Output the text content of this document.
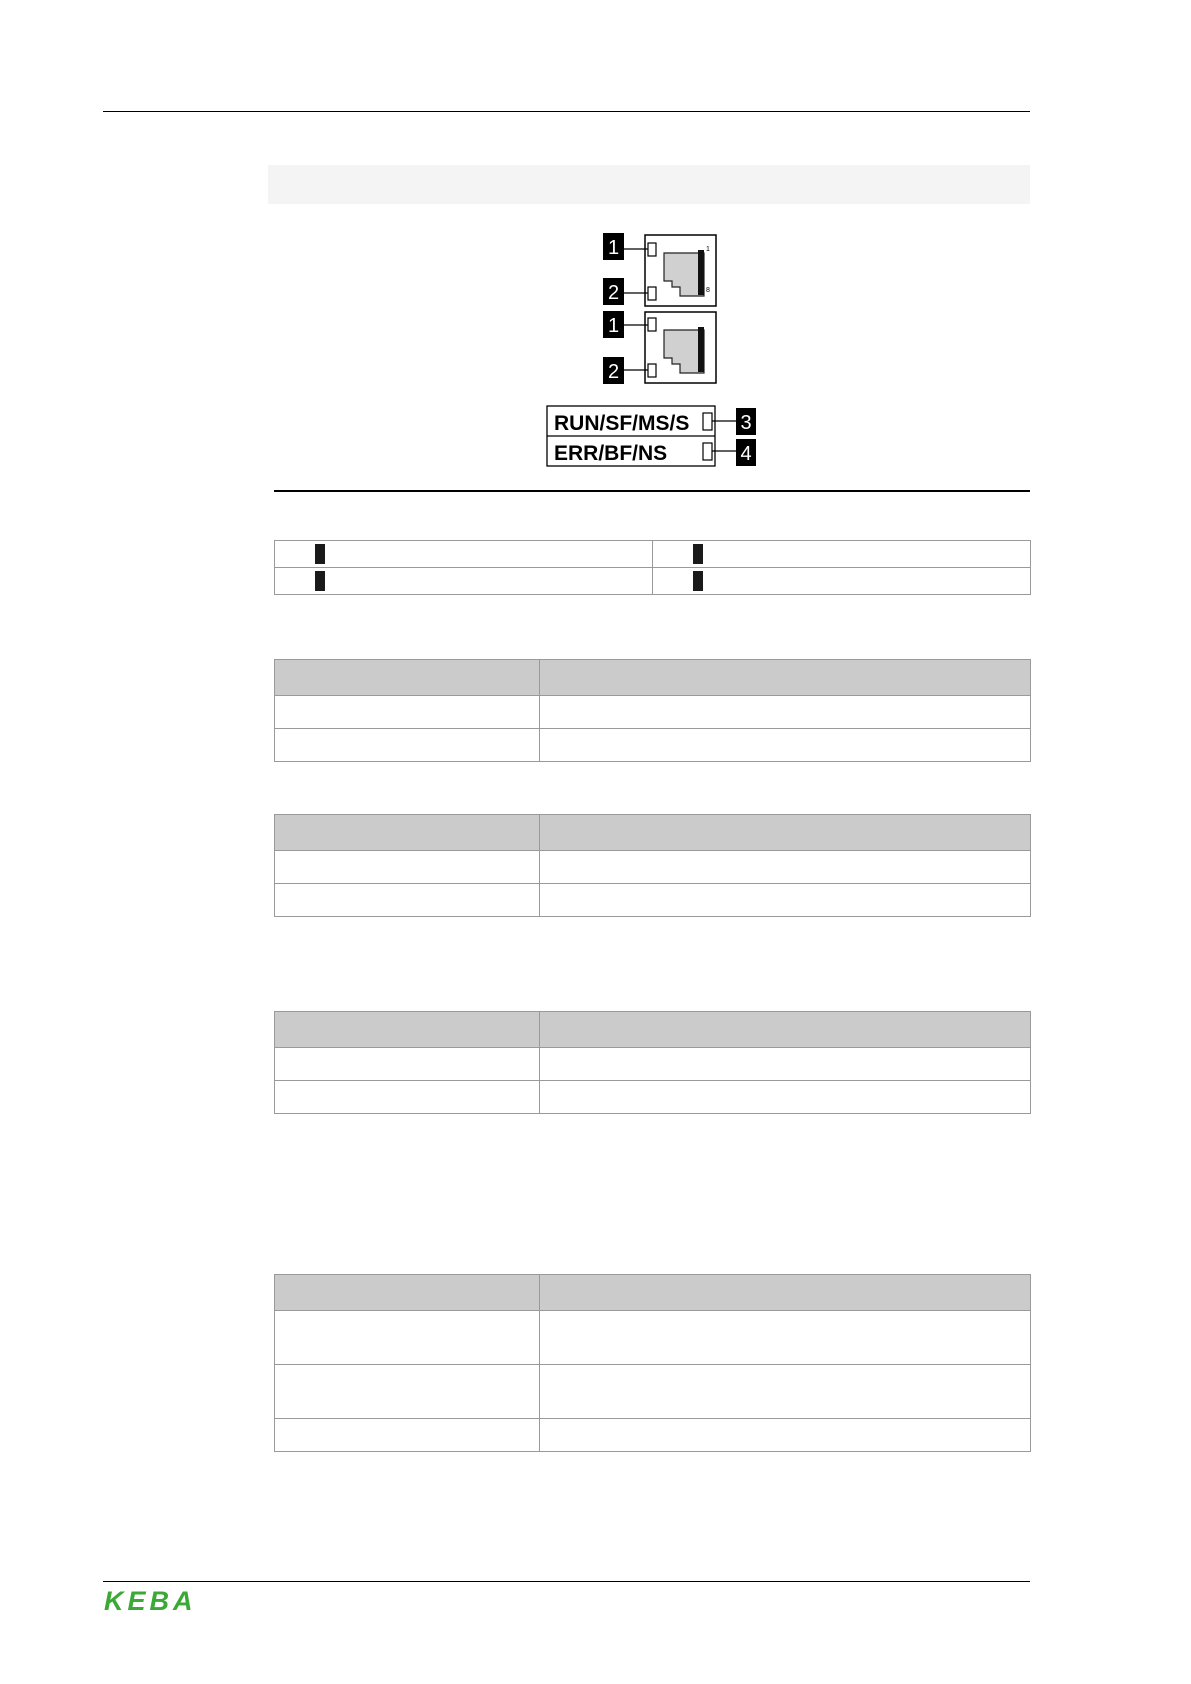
1
8
1
2
1
2
RUN/SF/MS/S
ERR/BF/NS
3
4

KEBA
